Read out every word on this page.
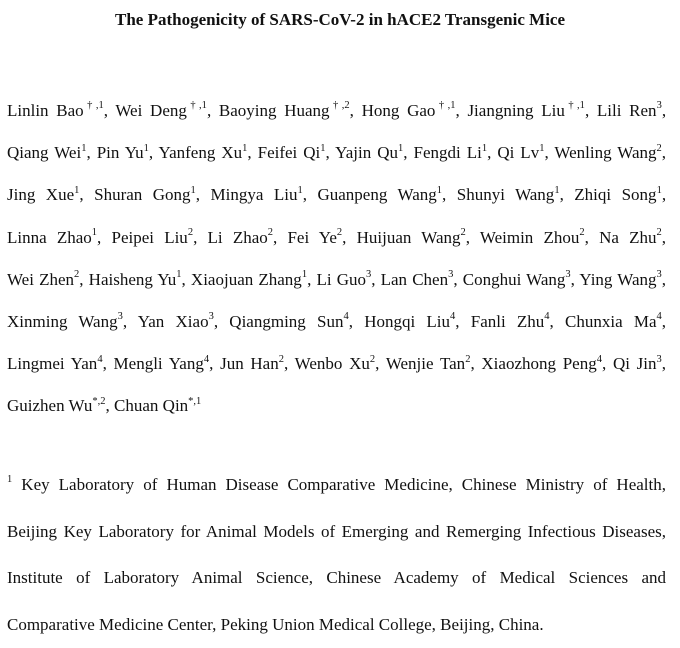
The Pathogenicity of SARS-CoV-2 in hACE2 Transgenic Mice
Linlin Bao$^{\dagger,1}$, Wei Deng$^{\dagger,1}$, Baoying Huang$^{\dagger,2}$, Hong Gao$^{\dagger,1}$, Jiangning Liu$^{\dagger,1}$, Lili Ren$^3$, Qiang Wei$^1$, Pin Yu$^1$, Yanfeng Xu$^1$, Feifei Qi$^1$, Yajin Qu$^1$, Fengdi Li$^1$, Qi Lv$^1$, Wenling Wang$^2$, Jing Xue$^1$, Shuran Gong$^1$, Mingya Liu$^1$, Guanpeng Wang$^1$, Shunyi Wang$^1$, Zhiqi Song$^1$, Linna Zhao$^1$, Peipei Liu$^2$, Li Zhao$^2$, Fei Ye$^2$, Huijuan Wang$^2$, Weimin Zhou$^2$, Na Zhu$^2$, Wei Zhen$^2$, Haisheng Yu$^1$, Xiaojuan Zhang$^1$, Li Guo$^3$, Lan Chen$^3$, Conghui Wang$^3$, Ying Wang$^3$, Xinming Wang$^3$, Yan Xiao$^3$, Qiangming Sun$^4$, Hongqi Liu$^4$, Fanli Zhu$^4$, Chunxia Ma$^4$, Lingmei Yan$^4$, Mengli Yang$^4$, Jun Han$^2$, Wenbo Xu$^2$, Wenjie Tan$^2$, Xiaozhong Peng$^4$, Qi Jin$^3$, Guizhen $Wu^{*,2}$, Chuan Qin$^{*,1}$
$^1$ Key Laboratory of Human Disease Comparative Medicine, Chinese Ministry of Health, Beijing Key Laboratory for Animal Models of Emerging and Remerging Infectious Diseases, Institute of Laboratory Animal Science, Chinese Academy of Medical Sciences and Comparative Medicine Center, Peking Union Medical College, Beijing, China.
